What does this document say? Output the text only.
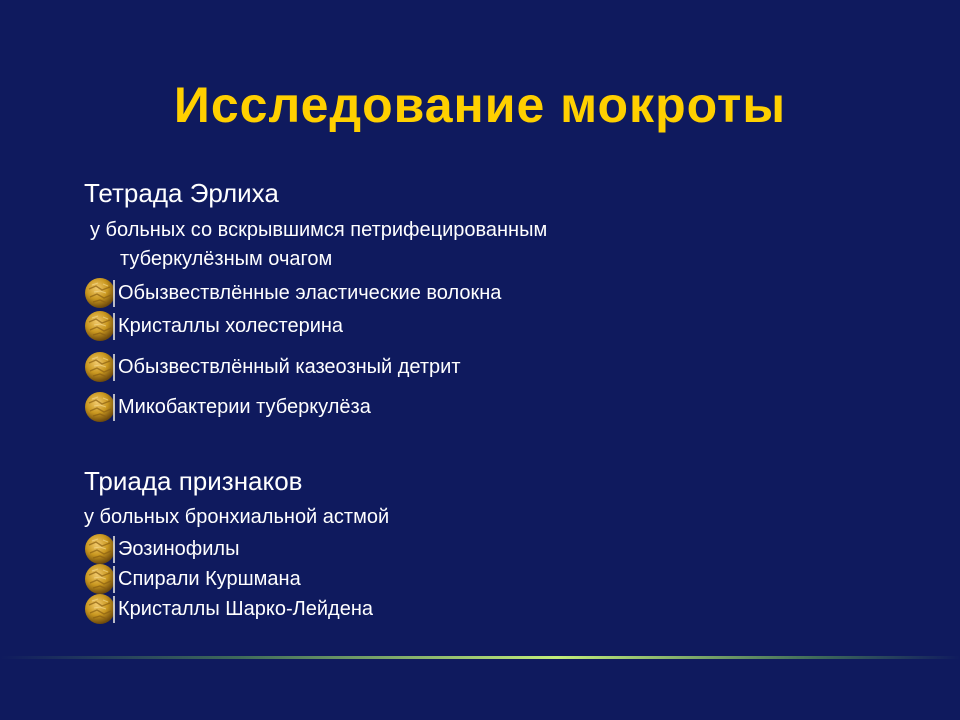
Исследование мокроты
Тетрада Эрлиха
у больных со вскрывшимся петрифецированным
туберкулёзным очагом
Обызвествлённые эластические волокна
Кристаллы холестерина
Обызвествлённый казеозный детрит
Микобактерии туберкулёза
Триада признаков
у больных бронхиальной астмой
Эозинофилы
Спирали Куршмана
Кристаллы Шарко-Лейдена
